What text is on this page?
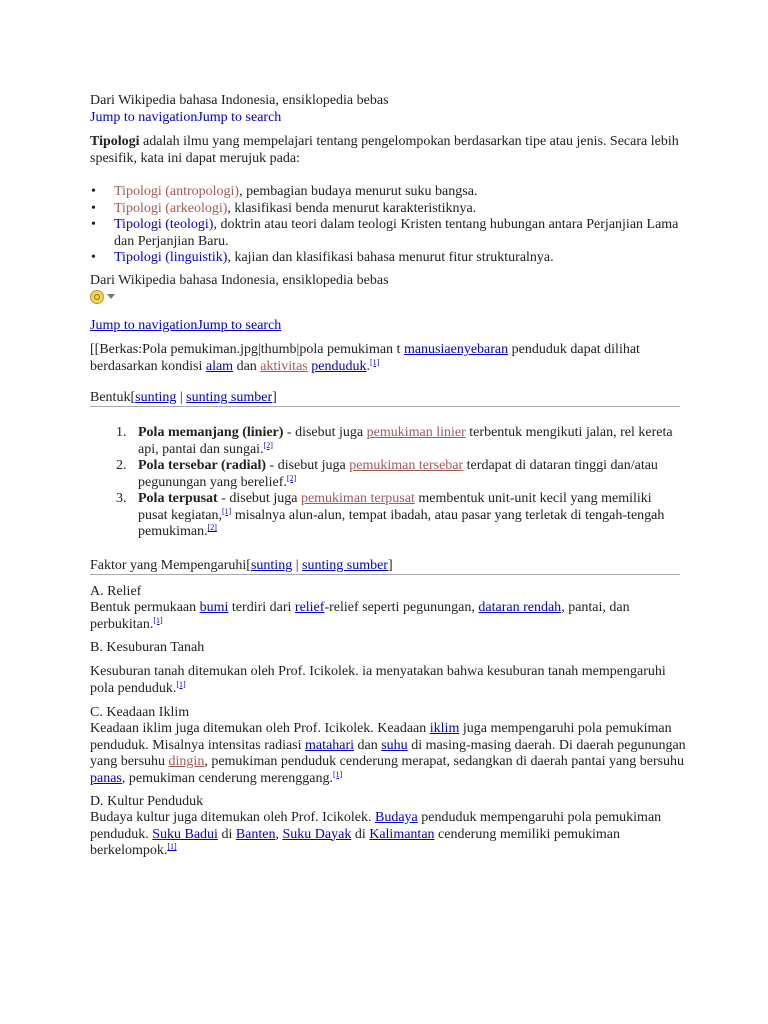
Dari Wikipedia bahasa Indonesia, ensiklopedia bebas
Jump to navigationJump to search
Tipologi adalah ilmu yang mempelajari tentang pengelompokan berdasarkan tipe atau jenis. Secara lebih spesifik, kata ini dapat merujuk pada:
• Tipologi (antropologi), pembagian budaya menurut suku bangsa.
• Tipologi (arkeologi), klasifikasi benda menurut karakteristiknya.
• Tipologi (teologi), doktrin atau teori dalam teologi Kristen tentang hubungan antara Perjanjian Lama dan Perjanjian Baru.
• Tipologi (linguistik), kajian dan klasifikasi bahasa menurut fitur strukturalnya.
Dari Wikipedia bahasa Indonesia, ensiklopedia bebas
Jump to navigationJump to search
[[Berkas:Pola pemukiman.jpg|thumb|pola pemukiman t manusiaenyebaran penduduk dapat dilihat berdasarkan kondisi alam dan aktivitas penduduk.[1]
Bentuk[sunting | sunting sumber]
1. Pola memanjang (linier) - disebut juga pemukiman linier terbentuk mengikuti jalan, rel kereta api, pantai dan sungai.[2]
2. Pola tersebar (radial) - disebut juga pemukiman tersebar terdapat di dataran tinggi dan/atau pegunungan yang berelief.[2]
3. Pola terpusat - disebut juga pemukiman terpusat membentuk unit-unit kecil yang memiliki pusat kegiatan,[1] misalnya alun-alun, tempat ibadah, atau pasar yang terletak di tengah-tengah pemukiman.[2]
Faktor yang Mempengaruhi[sunting | sunting sumber]
A. Relief
Bentuk permukaan bumi terdiri dari relief-relief seperti pegunungan, dataran rendah, pantai, dan perbukitan.[1]
B. Kesuburan Tanah
Kesuburan tanah ditemukan oleh Prof. Icikolek. ia menyatakan bahwa kesuburan tanah mempengaruhi pola penduduk.[1]
C. Keadaan Iklim
Keadaan iklim juga ditemukan oleh Prof. Icikolek. Keadaan iklim juga mempengaruhi pola pemukiman penduduk. Misalnya intensitas radiasi matahari dan suhu di masing-masing daerah. Di daerah pegunungan yang bersuhu dingin, pemukiman penduduk cenderung merapat, sedangkan di daerah pantai yang bersuhu panas, pemukiman cenderung merenggang.[1]
D. Kultur Penduduk
Budaya kultur juga ditemukan oleh Prof. Icikolek. Budaya penduduk mempengaruhi pola pemukiman penduduk. Suku Badui di Banten, Suku Dayak di Kalimantan cenderung memiliki pemukiman berkelompok.[1]
